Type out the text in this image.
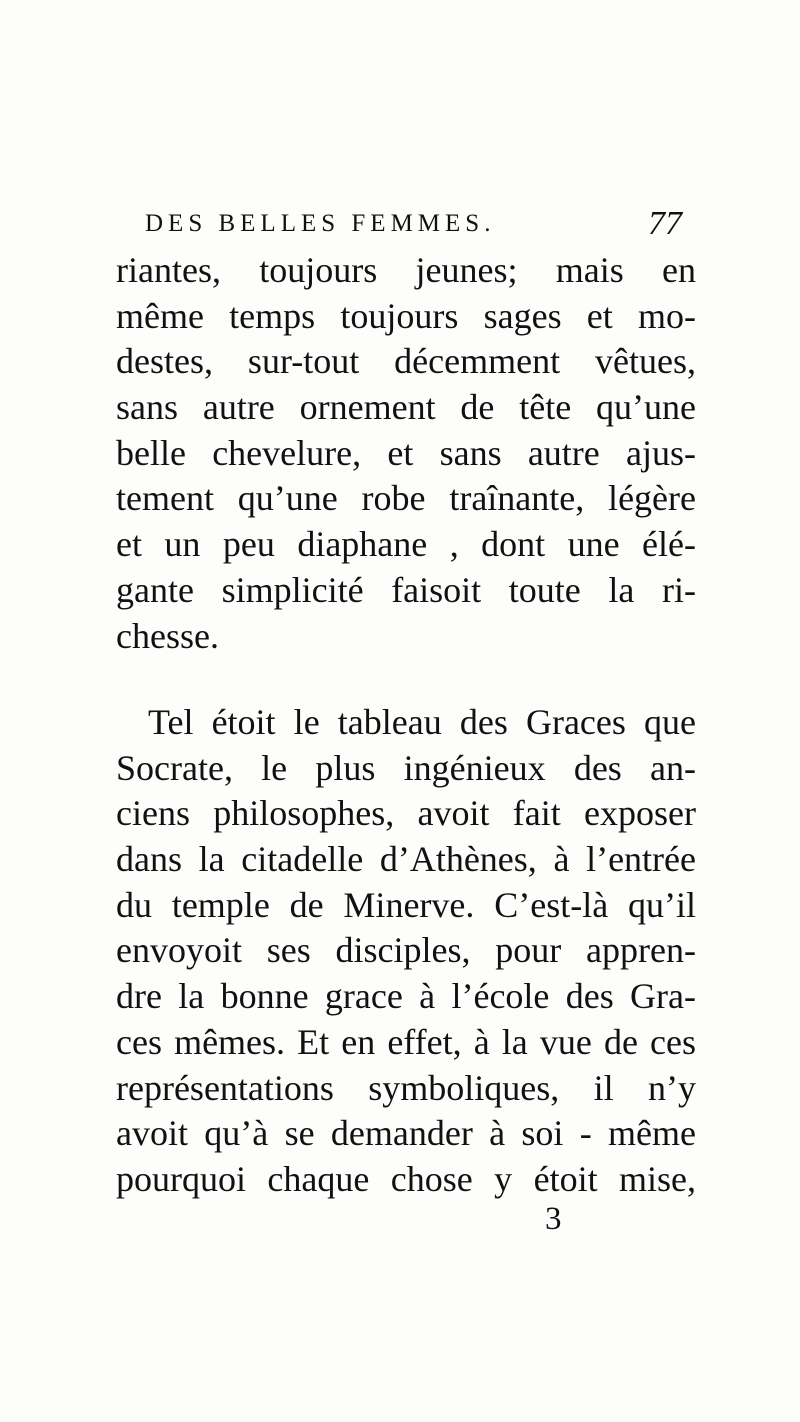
DES BELLES FEMMES.	77
riantes, toujours jeunes; mais en
même temps toujours sages et mo-
destes, sur-tout décemment vêtues,
sans autre ornement de tête qu’une
belle chevelure, et sans autre ajus-
tement qu’une robe traînante, légère
et un peu diaphane , dont une élé-
gante simplicité faisoit toute la ri-
chesse.
Tel étoit le tableau des Graces que
Socrate, le plus ingénieux des an-
ciens philosophes, avoit fait exposer
dans la citadelle d’Athènes, à l’entrée
du temple de Minerve. C’est-là qu’il
envoyoit ses disciples, pour appren-
dre la bonne grace à l’école des Gra-
ces mêmes. Et en effet, à la vue de ces
représentations symboliques, il n’y
avoit qu’à se demander à soi - même
pourquoi chaque chose y étoit mise,
3
